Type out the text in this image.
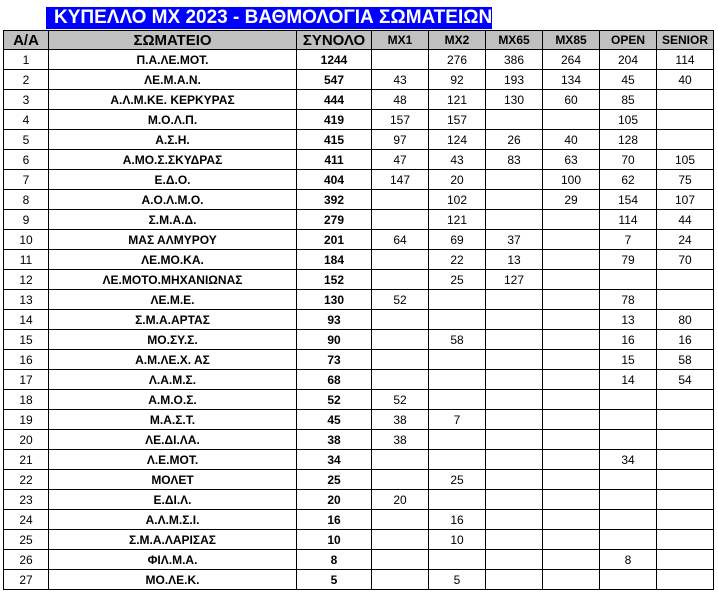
ΚΥΠΕΛΛΟ ΜΧ 2023 - ΒΑΘΜΟΛΟΓΙΑ ΣΩΜΑΤΕΙΩΝ
Α/Α	ΣΩΜΑΤΕΙΟ	ΣΥΝΟΛΟ	MX1	MX2	MX65	MX85	OPEN	SENIOR
1	Π.Α.ΛΕ.ΜΟΤ.	1244		276	386	264	204	114
2	ΛΕ.Μ.Α.Ν.	547	43	92	193	134	45	40
3	Α.Λ.Μ.ΚΕ. ΚΕΡΚΥΡΑΣ	444	48	121	130	60	85	
4	Μ.Ο.Λ.Π.	419	157	157			105	
5	Α.Σ.Η.	415	97	124	26	40	128	
6	Α.ΜΟ.Σ.ΣΚΥΔΡΑΣ	411	47	43	83	63	70	105
7	Ε.Δ.Ο.	404	147	20		100	62	75
8	Α.Ο.Λ.Μ.Ο.	392		102		29	154	107
9	Σ.Μ.Α.Δ.	279		121			114	44
10	ΜΑΣ ΑΛΜΥΡΟΥ	201	64	69	37		7	24
11	ΛΕ.ΜΟ.ΚΑ.	184		22	13		79	70
12	ΛΕ.ΜΟΤΟ.ΜΗΧΑΝΙΩΝΑΣ	152		25	127			
13	ΛΕ.Μ.Ε.	130	52				78	
14	Σ.Μ.Α.ΑΡΤΑΣ	93					13	80
15	ΜΟ.ΣΥ.Σ.	90		58			16	16
16	Α.Μ.ΛΕ.Χ. ΑΣ	73					15	58
17	Λ.Α.Μ.Σ.	68					14	54
18	Α.Μ.Ο.Σ.	52	52					
19	Μ.Α.Σ.Τ.	45	38	7				
20	ΛΕ.ΔΙ.ΛΑ.	38	38					
21	Λ.Ε.ΜΟΤ.	34					34	
22	ΜΟΛΕΤ	25		25				
23	Ε.ΔΙ.Λ.	20	20					
24	Α.Λ.Μ.Σ.Ι.	16		16				
25	Σ.Μ.Α.ΛΑΡΙΣΑΣ	10		10				
26	ΦΙΛ.Μ.Α.	8					8	
27	ΜΟ.ΛΕ.Κ.	5		5				
